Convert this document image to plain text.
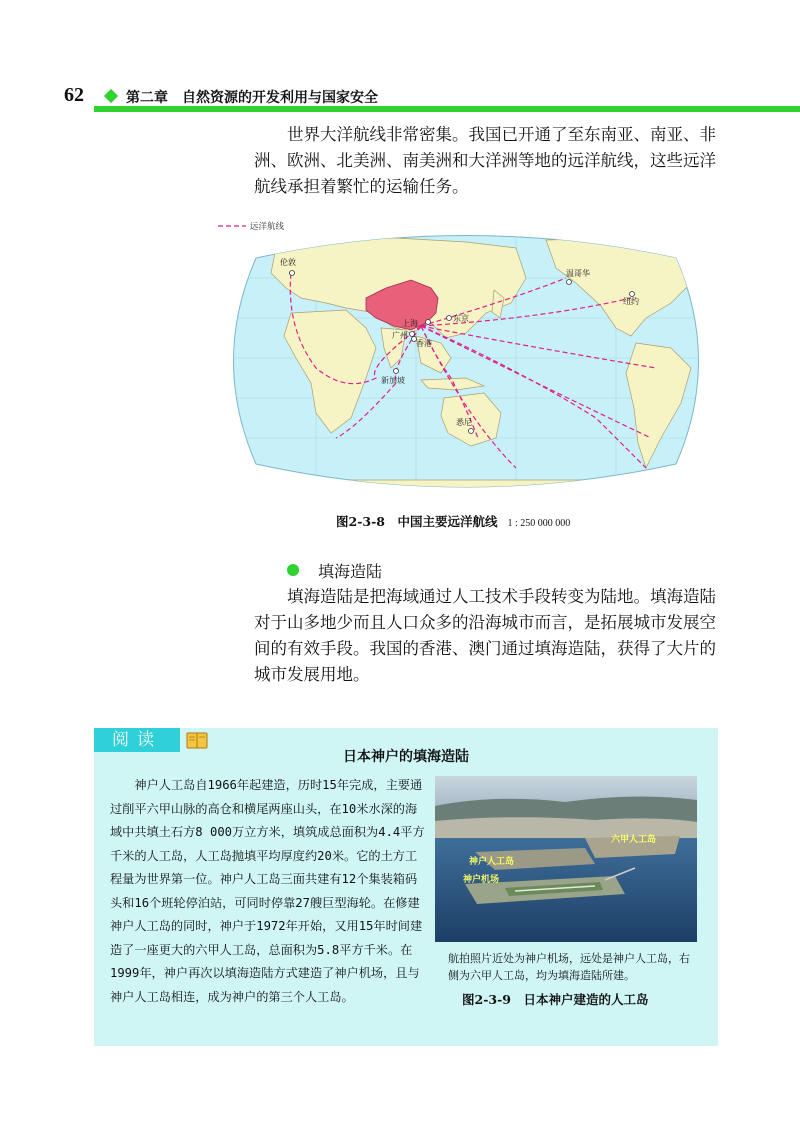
62	第二章　自然资源的开发利用与国家安全

世界大洋航线非常密集。我国已开通了至东南亚、南亚、非洲、欧洲、北美洲、南美洲和大洋洲等地的远洋航线，这些远洋航线承担着繁忙的运输任务。

远洋航线
伦敦
温哥华
纽约
东京
上海
广州
香港
新加坡
悉尼
图2-3-8　中国主要远洋航线 1 : 250 000 000
填海造陆

填海造陆是把海域通过人工技术手段转变为陆地。填海造陆对于山多地少而且人口众多的沿海城市而言，是拓展城市发展空间的有效手段。我国的香港、澳门通过填海造陆，获得了大片的城市发展用地。

阅读
日本神户的填海造陆

神户人工岛自1966年起建造，历时15年完成，主要通过削平六甲山脉的高仓和横尾两座山头，在10米水深的海域中共填土石方8 000万立方米，填筑成总面积为4.4平方千米的人工岛，人工岛抛填平均厚度约20米。它的土方工程量为世界第一位。神户人工岛三面共建有12个集装箱码头和16个班轮停泊站，可同时停靠27艘巨型海轮。在修建神户人工岛的同时，神户于1972年开始，又用15年时间建造了一座更大的六甲人工岛，总面积为5.8平方千米。在1999年，神户再次以填海造陆方式建造了神户机场，且与神户人工岛相连，成为神户的第三个人工岛。

六甲人工岛
神户人工岛
神户机场
航拍照片近处为神户机场，远处是神户人工岛，右侧为六甲人工岛，均为填海造陆所建。
图2-3-9　日本神户建造的人工岛
